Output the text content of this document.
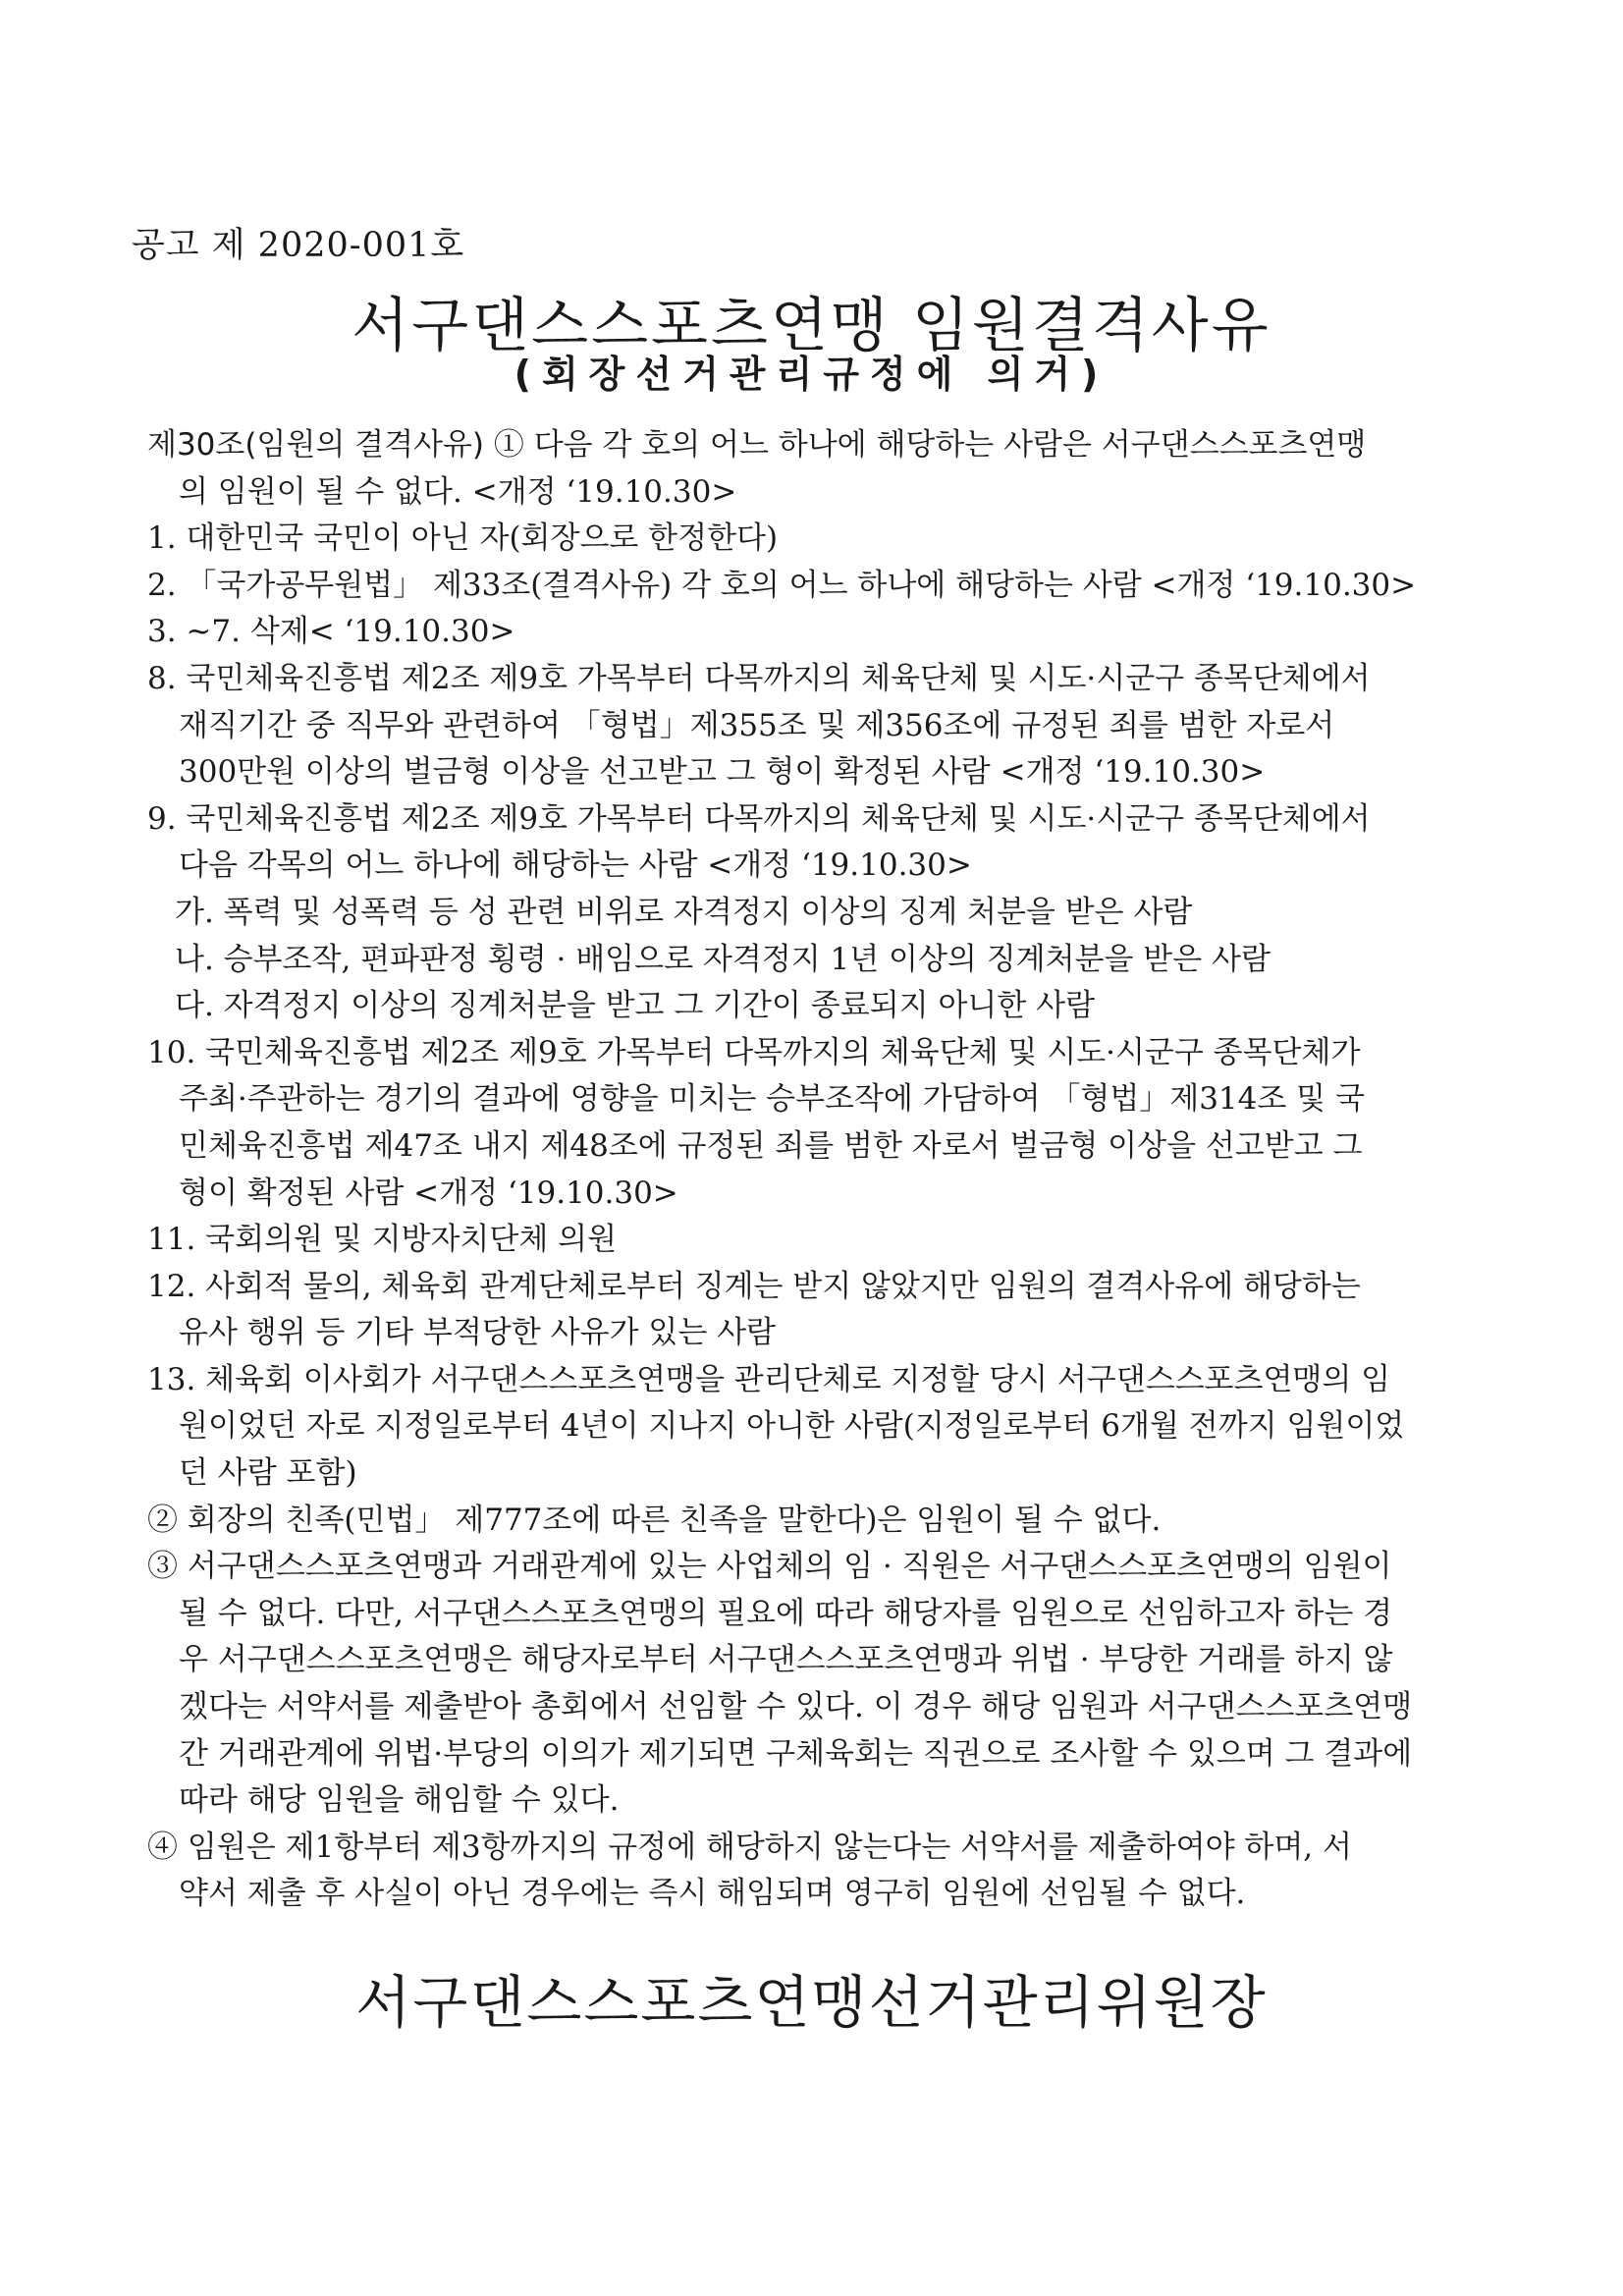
공고 제 2020-001호
서구댄스스포츠연맹 임원결격사유
(회장선거관리규정에 의거)
제30조(임원의 결격사유) ① 다음 각 호의 어느 하나에 해당하는 사람은 서구댄스스포츠연맹
의 임원이 될 수 없다. <개정 ‘19.10.30>
1. 대한민국 국민이 아닌 자(회장으로 한정한다)
2. 「국가공무원법」 제33조(결격사유) 각 호의 어느 하나에 해당하는 사람 <개정 ‘19.10.30>
3. ~7. 삭제< ‘19.10.30>
8. 국민체육진흥법 제2조 제9호 가목부터 다목까지의 체육단체 및 시도·시군구 종목단체에서
재직기간 중 직무와 관련하여 「형법」제355조 및 제356조에 규정된 죄를 범한 자로서
300만원 이상의 벌금형 이상을 선고받고 그 형이 확정된 사람 <개정 ‘19.10.30>
9. 국민체육진흥법 제2조 제9호 가목부터 다목까지의 체육단체 및 시도·시군구 종목단체에서
다음 각목의 어느 하나에 해당하는 사람 <개정 ‘19.10.30>
가. 폭력 및 성폭력 등 성 관련 비위로 자격정지 이상의 징계 처분을 받은 사람
나. 승부조작, 편파판정 횡령 · 배임으로 자격정지 1년 이상의 징계처분을 받은 사람
다. 자격정지 이상의 징계처분을 받고 그 기간이 종료되지 아니한 사람
10. 국민체육진흥법 제2조 제9호 가목부터 다목까지의 체육단체 및 시도·시군구 종목단체가
주최·주관하는 경기의 결과에 영향을 미치는 승부조작에 가담하여 「형법」제314조 및 국
민체육진흥법 제47조 내지 제48조에 규정된 죄를 범한 자로서 벌금형 이상을 선고받고 그
형이 확정된 사람 <개정 ‘19.10.30>
11. 국회의원 및 지방자치단체 의원
12. 사회적 물의, 체육회 관계단체로부터 징계는 받지 않았지만 임원의 결격사유에 해당하는
유사 행위 등 기타 부적당한 사유가 있는 사람
13. 체육회 이사회가 서구댄스스포츠연맹을 관리단체로 지정할 당시 서구댄스스포츠연맹의 임
원이었던 자로 지정일로부터 4년이 지나지 아니한 사람(지정일로부터 6개월 전까지 임원이었
던 사람 포함)
② 회장의 친족(민법」 제777조에 따른 친족을 말한다)은 임원이 될 수 없다.
③ 서구댄스스포츠연맹과 거래관계에 있는 사업체의 임 · 직원은 서구댄스스포츠연맹의 임원이
될 수 없다. 다만, 서구댄스스포츠연맹의 필요에 따라 해당자를 임원으로 선임하고자 하는 경
우 서구댄스스포츠연맹은 해당자로부터 서구댄스스포츠연맹과 위법 · 부당한 거래를 하지 않
겠다는 서약서를 제출받아 총회에서 선임할 수 있다. 이 경우 해당 임원과 서구댄스스포츠연맹
간 거래관계에 위법·부당의 이의가 제기되면 구체육회는 직권으로 조사할 수 있으며 그 결과에
따라 해당 임원을 해임할 수 있다.
④ 임원은 제1항부터 제3항까지의 규정에 해당하지 않는다는 서약서를 제출하여야 하며, 서
약서 제출 후 사실이 아닌 경우에는 즉시 해임되며 영구히 임원에 선임될 수 없다.
서구댄스스포츠연맹선거관리위원장
